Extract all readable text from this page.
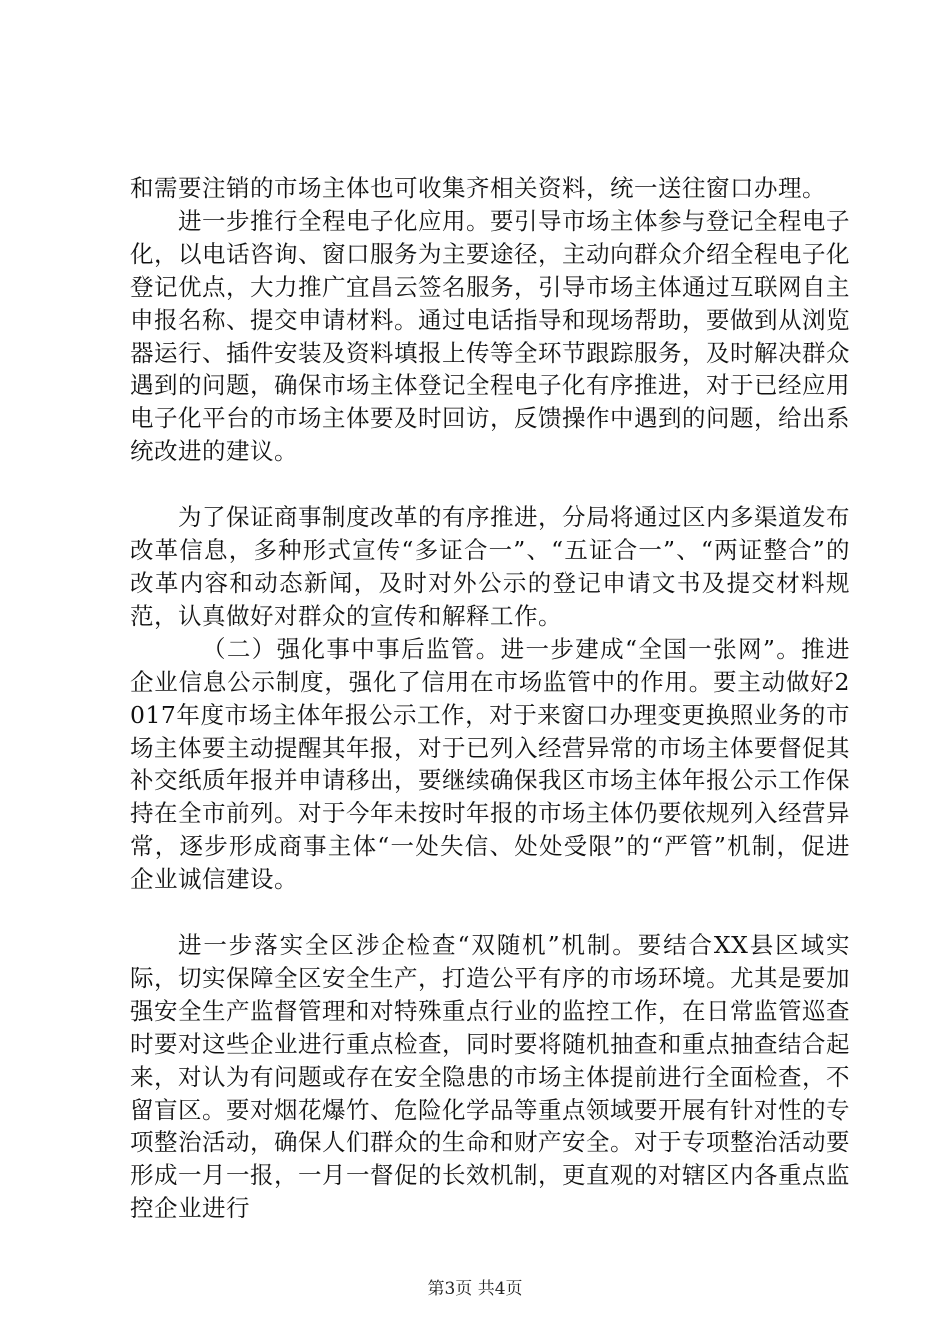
和需要注销的市场主体也可收集齐相关资料，统一送往窗口办理。

进一步推行全程电子化应用。要引导市场主体参与登记全程电子化，以电话咨询、窗口服务为主要途径，主动向群众介绍全程电子化登记优点，大力推广宜昌云签名服务，引导市场主体通过互联网自主申报名称、提交申请材料。通过电话指导和现场帮助，要做到从浏览器运行、插件安装及资料填报上传等全环节跟踪服务，及时解决群众遇到的问题，确保市场主体登记全程电子化有序推进，对于已经应用电子化平台的市场主体要及时回访，反馈操作中遇到的问题，给出系统改进的建议。

为了保证商事制度改革的有序推进，分局将通过区内多渠道发布改革信息，多种形式宣传“多证合一”、“五证合一”、“两证整合”的改革内容和动态新闻，及时对外公示的登记申请文书及提交材料规范，认真做好对群众的宣传和解释工作。

（二）强化事中事后监管。进一步建成“全国一张网”。推进企业信息公示制度，强化了信用在市场监管中的作用。要主动做好2017年度市场主体年报公示工作，对于来窗口办理变更换照业务的市场主体要主动提醒其年报，对于已列入经营异常的市场主体要督促其补交纸质年报并申请移出，要继续确保我区市场主体年报公示工作保持在全市前列。对于今年未按时年报的市场主体仍要依规列入经营异常，逐步形成商事主体“一处失信、处处受限”的“严管”机制，促进企业诚信建设。

进一步落实全区涉企检查“双随机”机制。要结合XX县区域实际，切实保障全区安全生产，打造公平有序的市场环境。尤其是要加强安全生产监督管理和对特殊重点行业的监控工作，在日常监管巡查时要对这些企业进行重点检查，同时要将随机抽查和重点抽查结合起来，对认为有问题或存在安全隐患的市场主体提前进行全面检查，不留盲区。要对烟花爆竹、危险化学品等重点领域要开展有针对性的专项整治活动，确保人们群众的生命和财产安全。对于专项整治活动要形成一月一报，一月一督促的长效机制，更直观的对辖区内各重点监控企业进行

第3页 共4页
